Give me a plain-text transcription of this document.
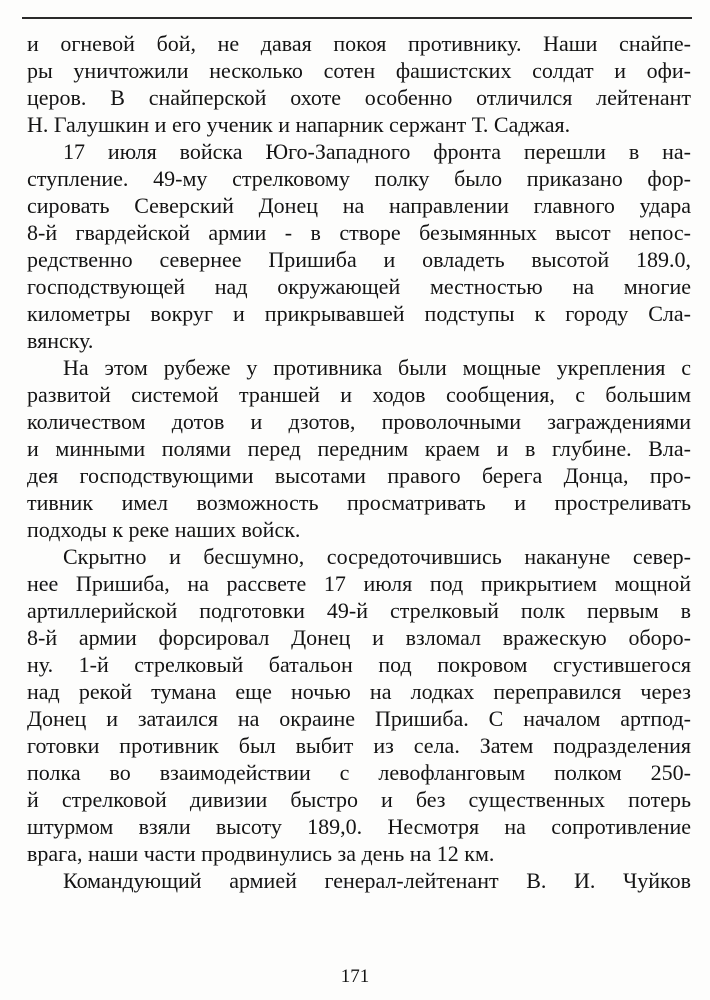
и огневой бой, не давая покоя противнику. Наши снайпе-
ры уничтожили несколько сотен фашистских солдат и офи-
церов. В снайперской охоте особенно отличился лейтенант
Н. Галушкин и его ученик и напарник сержант Т. Саджая.
17 июля войска Юго-Западного фронта перешли в на-
ступление. 49-му стрелковому полку было приказано фор-
сировать Северский Донец на направлении главного удара
8-й гвардейской армии - в створе безымянных высот непос-
редственно севернее Пришиба и овладеть высотой 189.0,
господствующей над окружающей местностью на многие
километры вокруг и прикрывавшей подступы к городу Сла-
вянску.
На этом рубеже у противника были мощные укрепления с
развитой системой траншей и ходов сообщения, с большим
количеством дотов и дзотов, проволочными заграждениями
и минными полями перед передним краем и в глубине. Вла-
дея господствующими высотами правого берега Донца, про-
тивник имел возможность просматривать и простреливать
подходы к реке наших войск.
Скрытно и бесшумно, сосредоточившись накануне север-
нее Пришиба, на рассвете 17 июля под прикрытием мощной
артиллерийской подготовки 49-й стрелковый полк первым в
8-й армии форсировал Донец и взломал вражескую оборо-
ну. 1-й стрелковый батальон под покровом сгустившегося
над рекой тумана еще ночью на лодках переправился через
Донец и затаился на окраине Пришиба. С началом артпод-
готовки противник был выбит из села. Затем подразделения
полка во взаимодействии с левофланговым полком 250-
й стрелковой дивизии быстро и без существенных потерь
штурмом взяли высоту 189,0. Несмотря на сопротивление
врага, наши части продвинулись за день на 12 км.
Командующий армией генерал-лейтенант В. И. Чуйков
171
